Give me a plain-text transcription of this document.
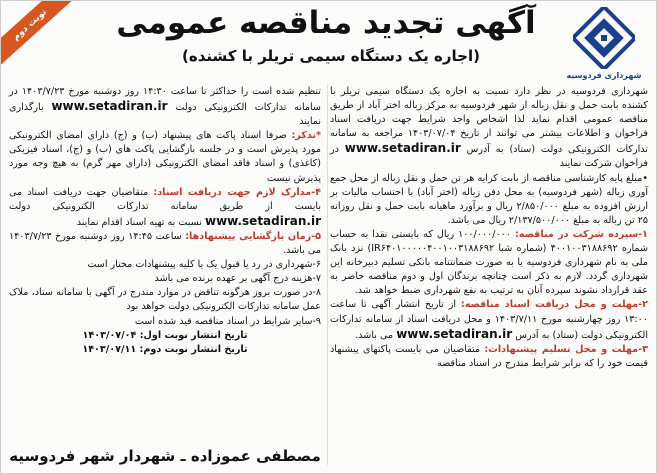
نوبت دوم
شهرداری فردوسیه
آگهی تجدید مناقصه عمومی
(اجاره یک دستگاه سیمی تریلر با کشنده)
شهرداری فردوسیه در نظر دارد نسبت به اجاره یک دستگاه سیمی تریلر با کشنده بابت حمل و نقل زباله از شهر فردوسیه به مرکز زباله اختر آباد از طریق مناقصه عمومی اقدام نماید لذا اشخاص واجد شرایط جهت دریافت اسناد فراخوان و اطلاعات بیشتر می توانند از تاریخ ۱۴۰۳/۰۷/۰۴ مراجعه به سامانه تدارکات الکترونیکی دولت (ستاد) به آدرس www.setadiran.ir در فراخوان شرکت نمایند
•مبلغ پایه کارشناسی مناقصه از بابت کرایه هر تن حمل و نقل زباله از محل جمع آوری زباله (شهر فردوسیه) به محل دفن زباله (اختر آباد) با احتساب مالیات بر ارزش افزوده به مبلغ ۲/۸۵۰/۰۰۰ ریال و برآورد ماهیانه بابت حمل و نقل روزانه ۲۵ تن زباله به مبلغ ۲/۱۳۷/۵۰۰/۰۰۰ ریال می باشد.
۱-سپرده شرکت در مناقصه: ۱۰۰/۰۰۰/۰۰۰ ریال که بایستی نقدا به حساب شماره ۴۰۰۱۰۰۳۱۸۸۶۹۲ (شماره شبا IR۶۴۰۱۰۰۰۰۰۴۰۰۱۰۰۳۱۸۸۶۹۲) نزد بانک ملی به نام شهرداری فردوسیه یا به صورت ضمانتنامه بانکی تسلیم دبیرخانه این شهرداری گردد. لازم به ذکر است چنانچه برندگان اول و دوم مناقصه حاضر به عقد قرارداد نشوند سپرده آنان به ترتیب به نفع شهرداری ضبط خواهد شد.
۲-مهلت و محل دریافت اسناد مناقصه: از تاریخ انتشار آگهی تا ساعت ۱۳:۰۰ روز چهارشنبه مورخ ۱۴۰۳/۷/۱۱ و محل دریافت اسناد از سامانه تدارکات الکترونیکی دولت (ستاد) به آدرس www.setadiran.ir می باشد.
۳-مهلت و محل تسلیم پیشنهادات: متقاضیان می بایست پاکتهای پیشنهاد قیمت خود را که برابر شرایط مندرج در اسناد مناقصه
تنظیم شده است را حداکثر تا ساعت ۱۴:۳۰ روز دوشنبه مورخ ۱۴۰۳/۷/۲۳ در سامانه تدارکات الکترونیکی دولت www.setadiran.ir بارگذاری نمایند
*تذکر: صرفا اسناد پاکت های پیشنهاد (ب) و (ج) دارای امضای الکترونیکی مورد پذیرش است و در جلسه بازگشایی پاکت های (ب) و (ج)، اسناد فیزیکی (کاغذی) و اسناد فاقد امضای الکترونیکی (دارای مهر گرم) به هیچ وجه مورد پذیرش نیست
۴-مدارک لازم جهت دریافت اسناد: متقاضیان جهت دریافت اسناد می بایست از طریق سامانه تدارکات الکترونیکی دولت www.setadiran.ir نسبت به تهیه اسناد اقدام نمایند
۵-زمان بازگشایی پیشنهادها: ساعت ۱۴:۴۵ روز دوشنبه مورخ ۱۴۰۳/۷/۲۳ می باشد.
۶-شهرداری در رد یا قبول یک یا کلیه پیشنهادات مختار است
۷-هزینه درج آگهی بر عهده برنده می باشد
۸-در صورت بروز هرگونه تناقض در موارد مندرج در آگهی با سامانه ستاد، ملاک عمل سامانه تدارکات الکترونیکی دولت خواهد بود
۹-سایر شرایط در اسناد مناقصه قید شده است
تاریخ انتشار نوبت اول: ۱۴۰۳/۰۷/۰۴
تاریخ انتشار نوبت دوم: ۱۴۰۳/۰۷/۱۱
مصطفی عموزاده ـ شهردار شهر فردوسیه
